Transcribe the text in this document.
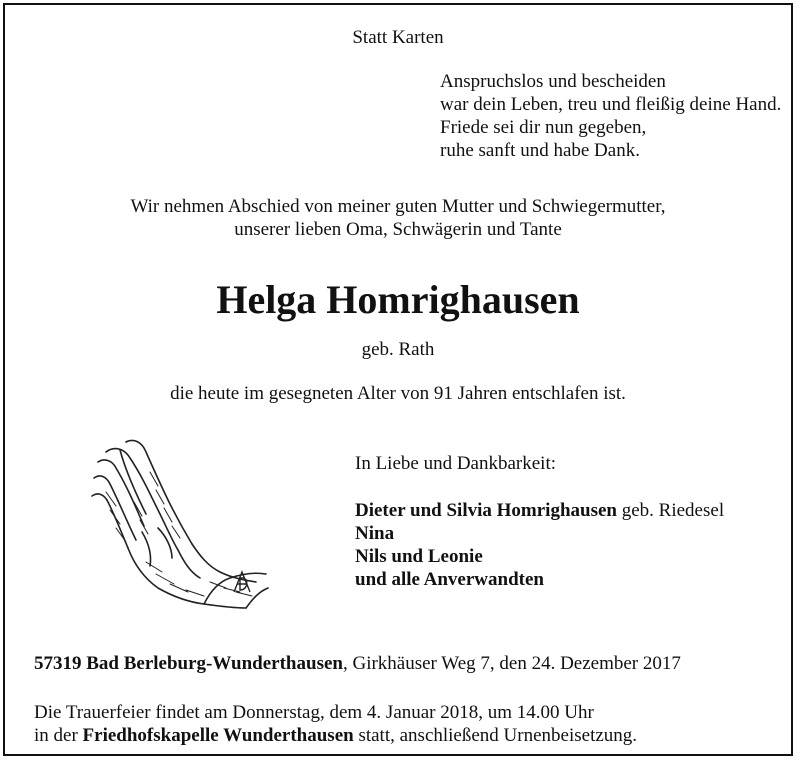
Statt Karten
Anspruchslos und bescheiden
war dein Leben, treu und fleißig deine Hand.
Friede sei dir nun gegeben,
ruhe sanft und habe Dank.
Wir nehmen Abschied von meiner guten Mutter und Schwiegermutter,
unserer lieben Oma, Schwägerin und Tante
Helga Homrighausen
geb. Rath
die heute im gesegneten Alter von 91 Jahren entschlafen ist.
In Liebe und Dankbarkeit:
Dieter und Silvia Homrighausen geb. Riedesel
Nina
Nils und Leonie
und alle Anverwandten
57319 Bad Berleburg-Wunderthausen, Girkhäuser Weg 7, den 24. Dezember 2017
Die Trauerfeier findet am Donnerstag, dem 4. Januar 2018, um 14.00 Uhr
in der Friedhofskapelle Wunderthausen statt, anschließend Urnenbeisetzung.
